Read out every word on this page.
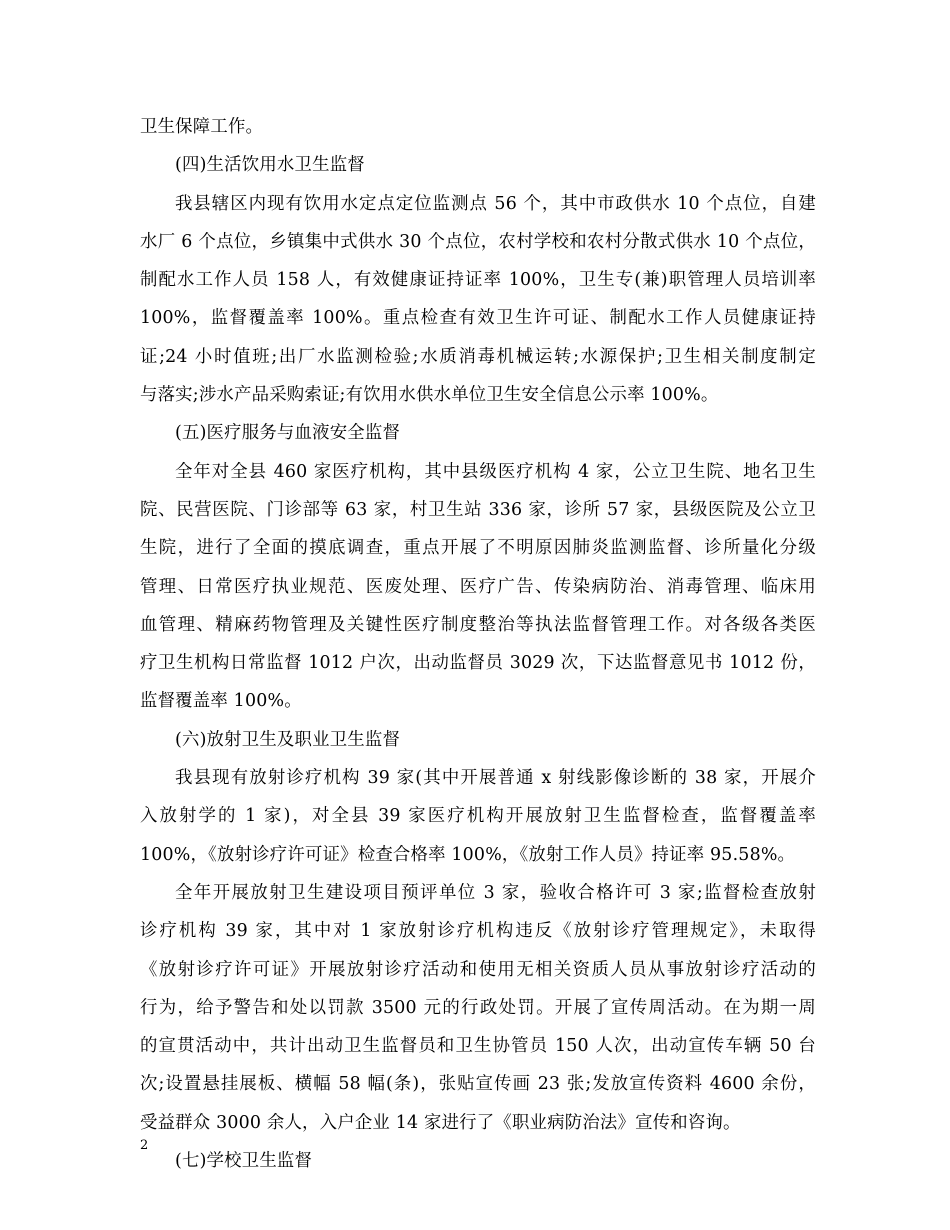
卫生保障工作。
(四)生活饮用水卫生监督
我县辖区内现有饮用水定点定位监测点 56 个，其中市政供水 10 个点位，自建
水厂 6 个点位，乡镇集中式供水 30 个点位，农村学校和农村分散式供水 10 个点位，
制配水工作人员 158 人，有效健康证持证率 100%，卫生专(兼)职管理人员培训率
100%，监督覆盖率 100%。重点检查有效卫生许可证、制配水工作人员健康证持
证;24 小时值班;出厂水监测检验;水质消毒机械运转;水源保护;卫生相关制度制定
与落实;涉水产品采购索证;有饮用水供水单位卫生安全信息公示率 100%。
(五)医疗服务与血液安全监督
全年对全县 460 家医疗机构，其中县级医疗机构 4 家，公立卫生院、地名卫生
院、民营医院、门诊部等 63 家，村卫生站 336 家，诊所 57 家，县级医院及公立卫
生院，进行了全面的摸底调查，重点开展了不明原因肺炎监测监督、诊所量化分级
管理、日常医疗执业规范、医废处理、医疗广告、传染病防治、消毒管理、临床用
血管理、精麻药物管理及关键性医疗制度整治等执法监督管理工作。对各级各类医
疗卫生机构日常监督 1012 户次，出动监督员 3029 次，下达监督意见书 1012 份，
监督覆盖率 100%。
(六)放射卫生及职业卫生监督
我县现有放射诊疗机构 39 家(其中开展普通 x 射线影像诊断的 38 家，开展介
入放射学的 1 家)，对全县 39 家医疗机构开展放射卫生监督检查，监督覆盖率
100%，《放射诊疗许可证》检查合格率 100%，《放射工作人员》持证率 95.58%。
全年开展放射卫生建设项目预评单位 3 家，验收合格许可 3 家;监督检查放射
诊疗机构 39 家，其中对 1 家放射诊疗机构违反《放射诊疗管理规定》，未取得
《放射诊疗许可证》开展放射诊疗活动和使用无相关资质人员从事放射诊疗活动的
行为，给予警告和处以罚款 3500 元的行政处罚。开展了宣传周活动。在为期一周
的宣贯活动中，共计出动卫生监督员和卫生协管员 150 人次，出动宣传车辆 50 台
次;设置悬挂展板、横幅 58 幅(条)，张贴宣传画 23 张;发放宣传资料 4600 余份，
受益群众 3000 余人，入户企业 14 家进行了《职业病防治法》宣传和咨询。
(七)学校卫生监督
2
